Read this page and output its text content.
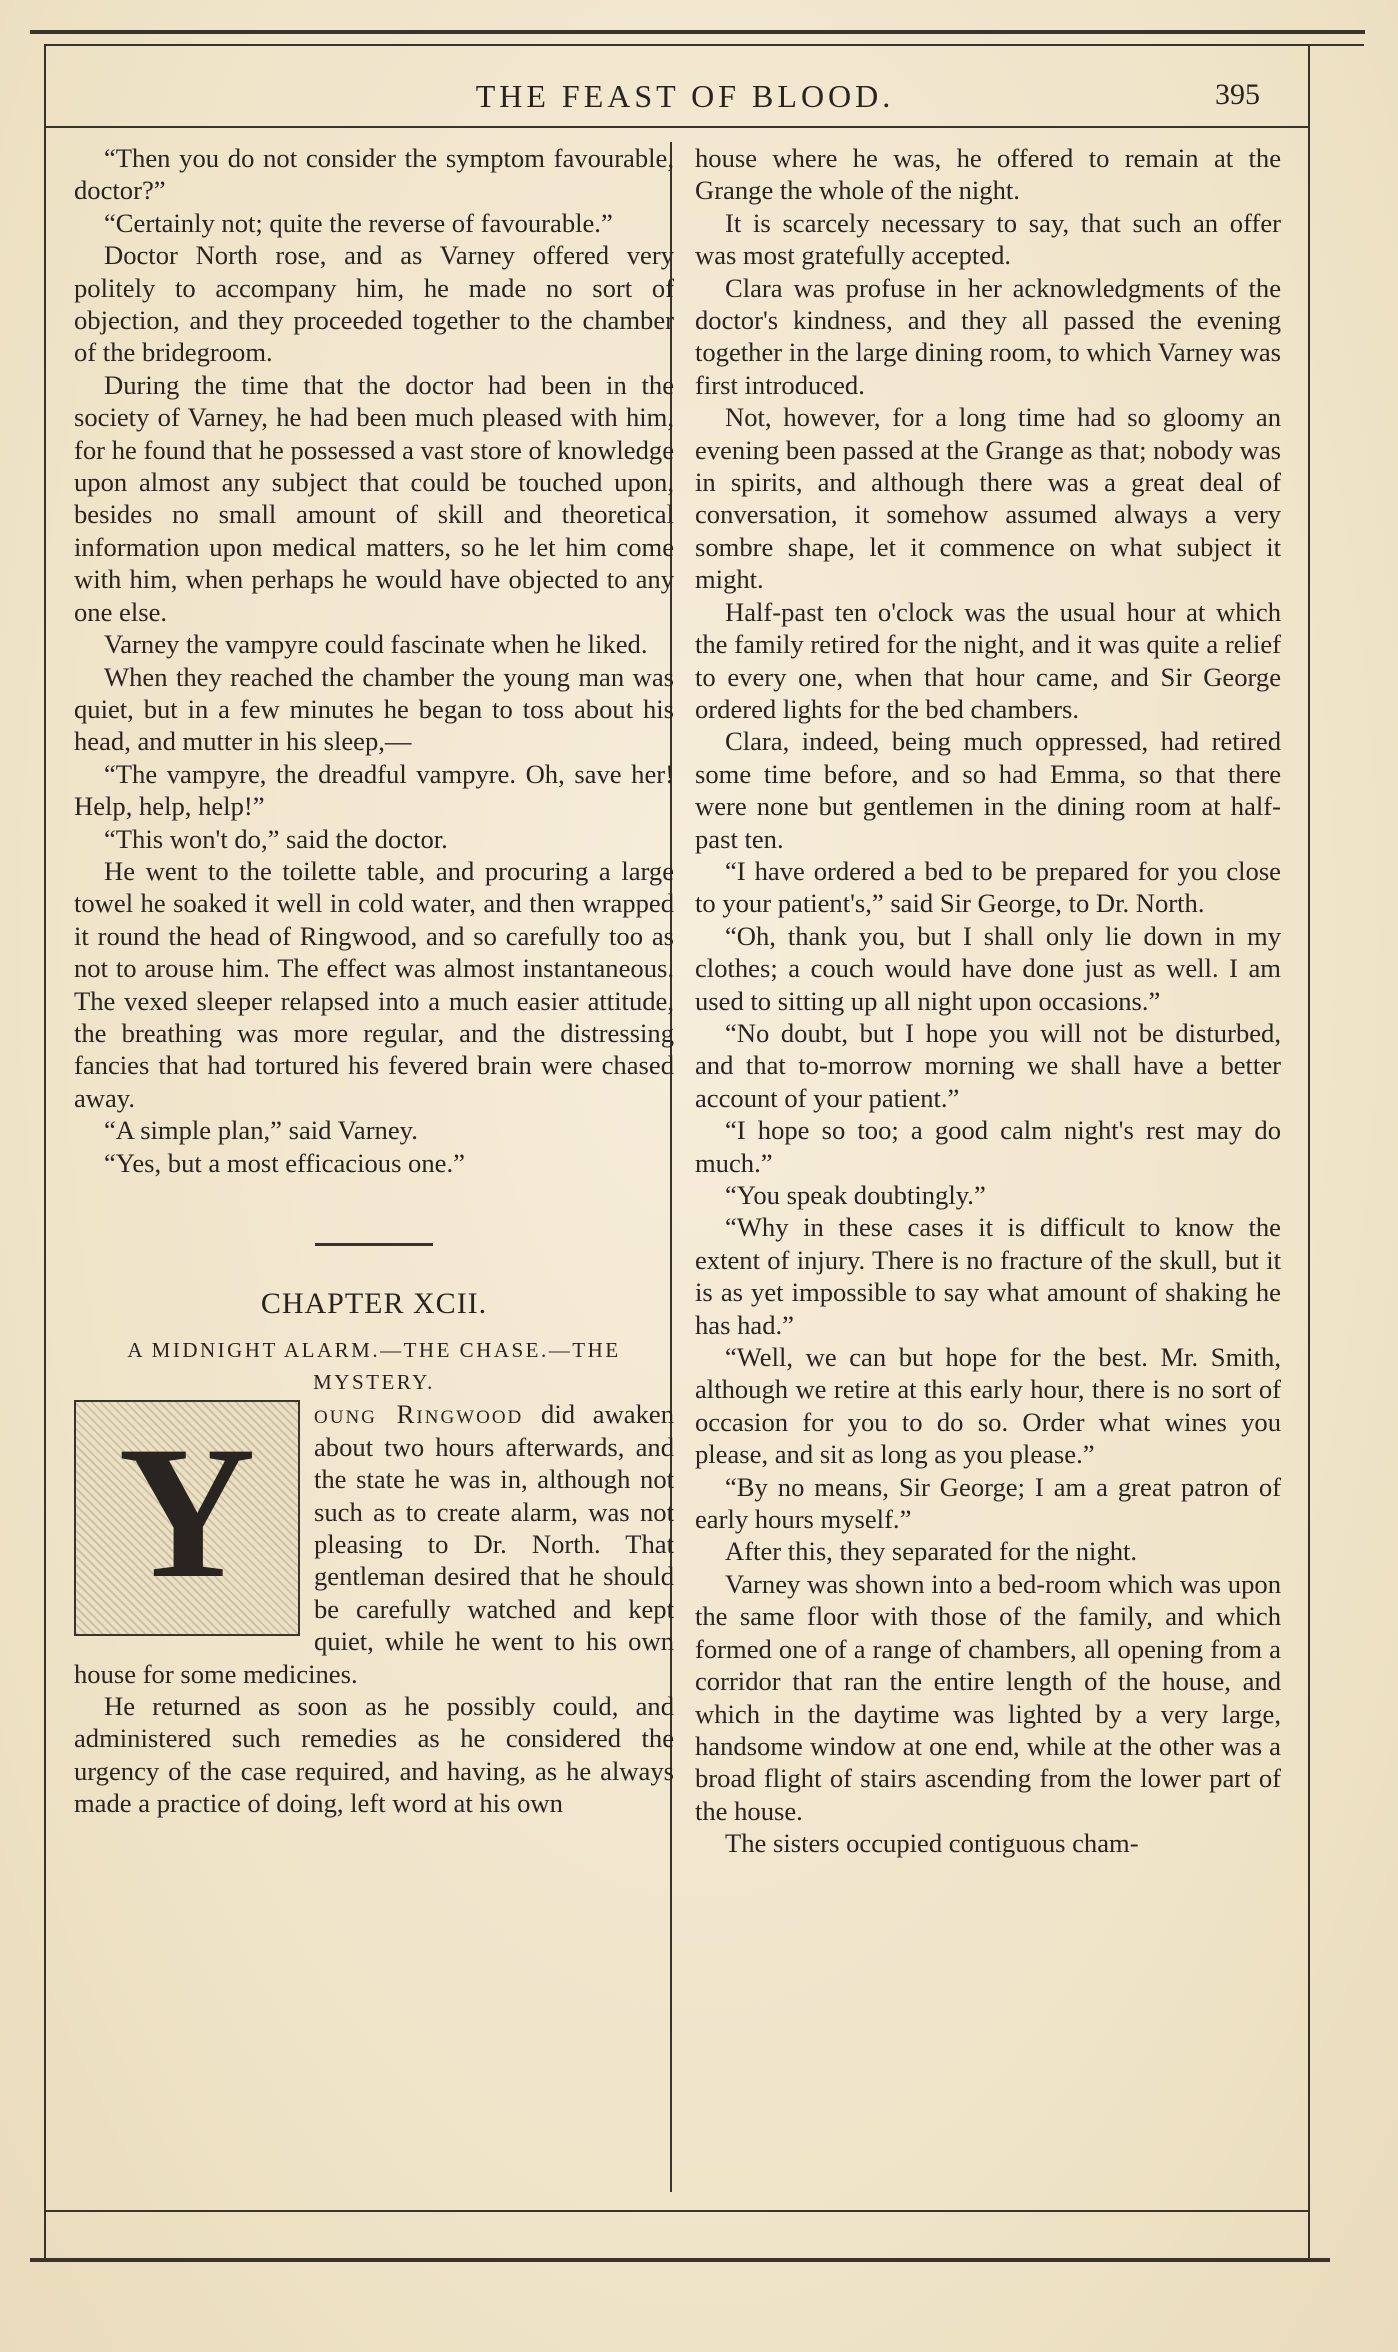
THE FEAST OF BLOOD.	395

“Then you do not consider the symptom favourable, doctor?”

“Certainly not; quite the reverse of favourable.”

Doctor North rose, and as Varney offered very politely to accompany him, he made no sort of objection, and they proceeded together to the chamber of the bridegroom.

During the time that the doctor had been in the society of Varney, he had been much pleased with him, for he found that he possessed a vast store of knowledge upon almost any subject that could be touched upon, besides no small amount of skill and theoretical information upon medical matters, so he let him come with him, when perhaps he would have objected to any one else.

Varney the vampyre could fascinate when he liked.

When they reached the chamber the young man was quiet, but in a few minutes he began to toss about his head, and mutter in his sleep,—

“The vampyre, the dreadful vampyre. Oh, save her! Help, help, help!”

“This won't do,” said the doctor.

He went to the toilette table, and procuring a large towel he soaked it well in cold water, and then wrapped it round the head of Ringwood, and so carefully too as not to arouse him. The effect was almost instantaneous. The vexed sleeper relapsed into a much easier attitude, the breathing was more regular, and the distressing fancies that had tortured his fevered brain were chased away.

“A simple plan,” said Varney.

“Yes, but a most efficacious one.”

CHAPTER XCII.

A MIDNIGHT ALARM.—THE CHASE.—THE MYSTERY.

Y	oung Ringwood did awaken about two hours afterwards, and the state he was in, although not such as to create alarm, was not pleasing to Dr. North. That gentleman desired that he should be carefully watched and kept quiet, while he went to his own house for some medicines.

He returned as soon as he possibly could, and administered such remedies as he considered the urgency of the case required, and having, as he always made a practice of doing, left word at his own

house where he was, he offered to remain at the Grange the whole of the night.

It is scarcely necessary to say, that such an offer was most gratefully accepted.

Clara was profuse in her acknowledgments of the doctor's kindness, and they all passed the evening together in the large dining room, to which Varney was first introduced.

Not, however, for a long time had so gloomy an evening been passed at the Grange as that; nobody was in spirits, and although there was a great deal of conversation, it somehow assumed always a very sombre shape, let it commence on what subject it might.

Half-past ten o'clock was the usual hour at which the family retired for the night, and it was quite a relief to every one, when that hour came, and Sir George ordered lights for the bed chambers.

Clara, indeed, being much oppressed, had retired some time before, and so had Emma, so that there were none but gentlemen in the dining room at half-past ten.

“I have ordered a bed to be prepared for you close to your patient's,” said Sir George, to Dr. North.

“Oh, thank you, but I shall only lie down in my clothes; a couch would have done just as well. I am used to sitting up all night upon occasions.”

“No doubt, but I hope you will not be disturbed, and that to-morrow morning we shall have a better account of your patient.”

“I hope so too; a good calm night's rest may do much.”

“You speak doubtingly.”

“Why in these cases it is difficult to know the extent of injury. There is no fracture of the skull, but it is as yet impossible to say what amount of shaking he has had.”

“Well, we can but hope for the best. Mr. Smith, although we retire at this early hour, there is no sort of occasion for you to do so. Order what wines you please, and sit as long as you please.”

“By no means, Sir George; I am a great patron of early hours myself.”

After this, they separated for the night.

Varney was shown into a bed-room which was upon the same floor with those of the family, and which formed one of a range of chambers, all opening from a corridor that ran the entire length of the house, and which in the daytime was lighted by a very large, handsome window at one end, while at the other was a broad flight of stairs ascending from the lower part of the house.

The sisters occupied contiguous cham-
